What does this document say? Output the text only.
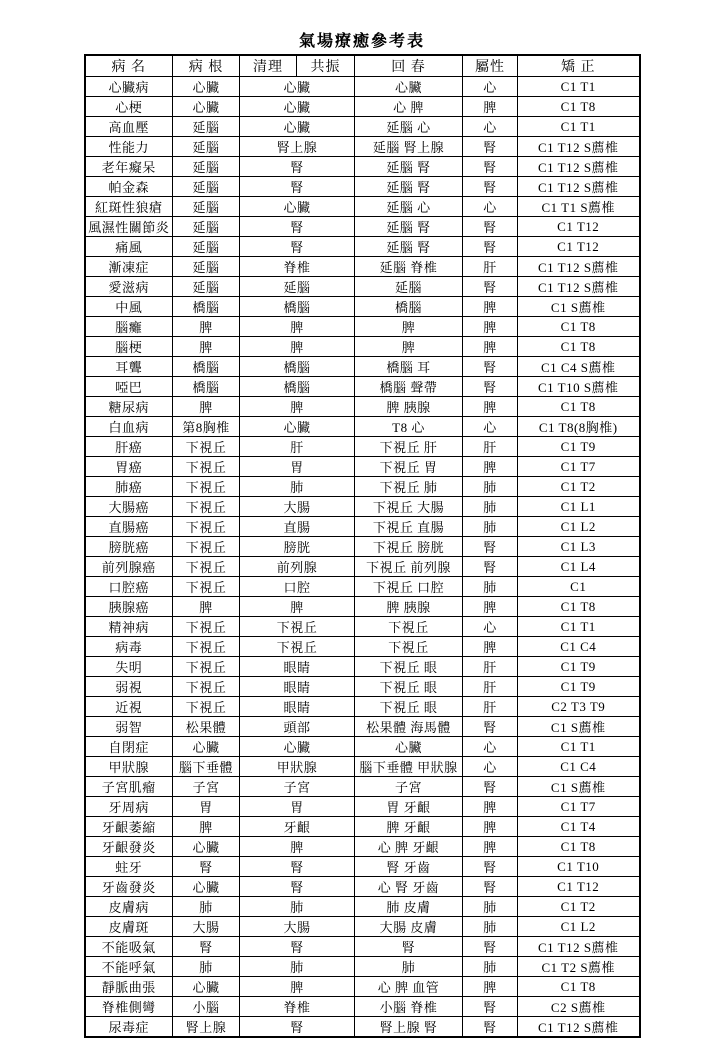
氣場療癒參考表
病 名	病 根	清理	共振	回 春	屬性	矯 正
心臟病	心臟	心臟		心臟	心	C1 T1
心梗	心臟	心臟		心 脾	脾	C1 T8
高血壓	延腦	心臟		延腦 心	心	C1 T1
性能力	延腦	腎上腺		延腦 腎上腺	腎	C1 T12 S薦椎
老年癡呆	延腦	腎		延腦 腎	腎	C1 T12 S薦椎
帕金森	延腦	腎		延腦 腎	腎	C1 T12 S薦椎
紅斑性狼瘡	延腦	心臟		延腦 心	心	C1 T1 S薦椎
風濕性關節炎	延腦	腎		延腦 腎	腎	C1 T12
痛風	延腦	腎		延腦 腎	腎	C1 T12
漸凍症	延腦	脊椎		延腦 脊椎	肝	C1 T12 S薦椎
愛滋病	延腦	延腦		延腦	腎	C1 T12 S薦椎
中風	橋腦	橋腦		橋腦	脾	C1 S薦椎
腦癱	脾	脾		脾	脾	C1 T8
腦梗	脾	脾		脾	脾	C1 T8
耳聾	橋腦	橋腦		橋腦 耳	腎	C1 C4 S薦椎
啞巴	橋腦	橋腦		橋腦 聲帶	腎	C1 T10 S薦椎
糖尿病	脾	脾		脾 胰腺	脾	C1 T8
白血病	第8胸椎	心臟		T8 心	心	C1 T8(8胸椎)
肝癌	下視丘	肝		下視丘 肝	肝	C1 T9
胃癌	下視丘	胃		下視丘 胃	脾	C1 T7
肺癌	下視丘	肺		下視丘 肺	肺	C1 T2
大腸癌	下視丘	大腸		下視丘 大腸	肺	C1 L1
直腸癌	下視丘	直腸		下視丘 直腸	肺	C1 L2
膀胱癌	下視丘	膀胱		下視丘 膀胱	腎	C1 L3
前列腺癌	下視丘	前列腺		下視丘 前列腺	腎	C1 L4
口腔癌	下視丘	口腔		下視丘 口腔	肺	C1
胰腺癌	脾	脾		脾 胰腺	脾	C1 T8
精神病	下視丘	下視丘		下視丘	心	C1 T1
病毒	下視丘	下視丘		下視丘	脾	C1 C4
失明	下視丘	眼睛		下視丘 眼	肝	C1 T9
弱視	下視丘	眼睛		下視丘 眼	肝	C1 T9
近視	下視丘	眼睛		下視丘 眼	肝	C2 T3 T9
弱智	松果體	頭部		松果體 海馬體	腎	C1 S薦椎
自閉症	心臟	心臟		心臟	心	C1 T1
甲狀腺	腦下垂體	甲狀腺		腦下垂體 甲狀腺	心	C1 C4
子宮肌瘤	子宮	子宮		子宮	腎	C1 S薦椎
牙周病	胃	胃		胃 牙齦	脾	C1 T7
牙齦萎縮	脾	牙齦		脾 牙齦	脾	C1 T4
牙齦發炎	心臟	脾		心 脾 牙齦	脾	C1 T8
蛀牙	腎	腎		腎 牙齒	腎	C1 T10
牙齒發炎	心臟	腎		心 腎 牙齒	腎	C1 T12
皮膚病	肺	肺		肺 皮膚	肺	C1 T2
皮膚斑	大腸	大腸		大腸 皮膚	肺	C1 L2
不能吸氣	腎	腎		腎	腎	C1 T12 S薦椎
不能呼氣	肺	肺		肺	肺	C1 T2 S薦椎
靜脈曲張	心臟	脾		心 脾 血管	脾	C1 T8
脊椎側彎	小腦	脊椎		小腦 脊椎	腎	C2 S薦椎
尿毒症	腎上腺	腎		腎上腺 腎	腎	C1 T12 S薦椎
